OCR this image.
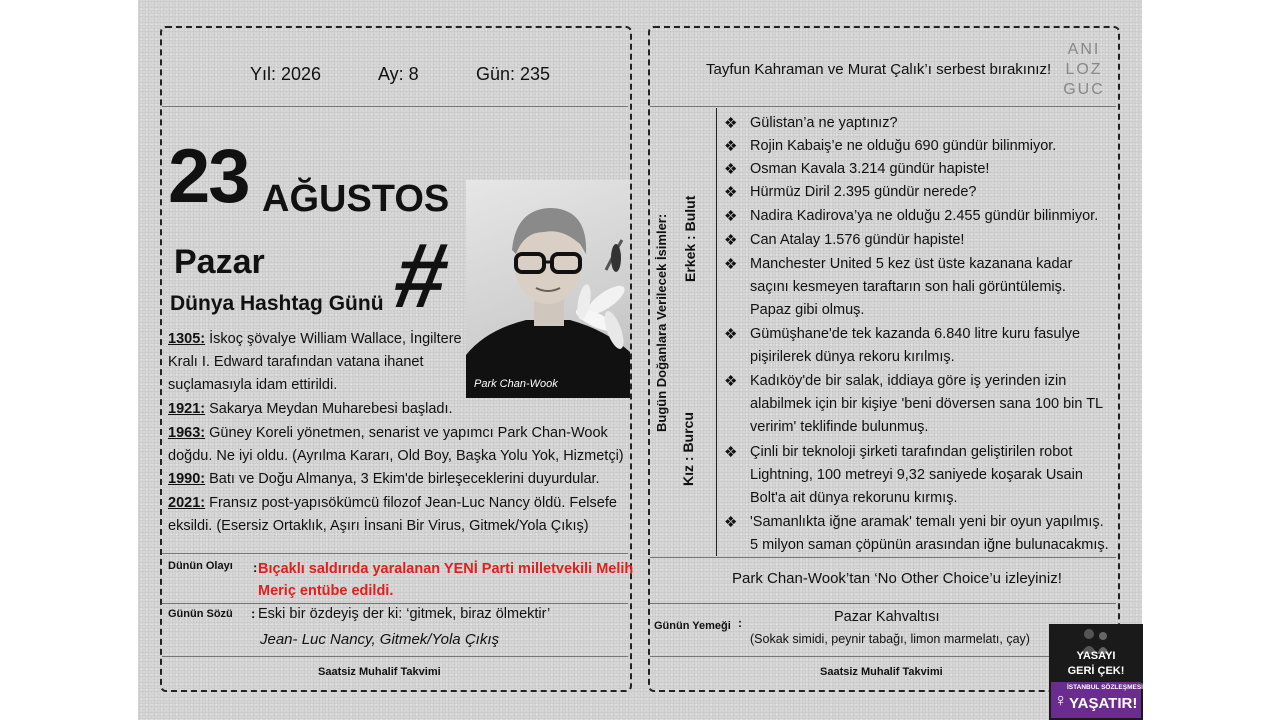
Yıl: 2026	Ay: 8	Gün: 235
23 AĞUSTOS
Pazar #
Dünya Hashtag Günü
Park Chan-Wook
1305: İskoç şövalye William Wallace, İngiltere
Kralı I. Edward tarafından vatana ihanet
suçlamasıyla idam ettirildi.
1921: Sakarya Meydan Muharebesi başladı.
1963: Güney Koreli yönetmen, senarist ve yapımcı Park Chan-Wook
doğdu. Ne iyi oldu. (Ayrılma Kararı, Old Boy, Başka Yolu Yok, Hizmetçi)
1990: Batı ve Doğu Almanya, 3 Ekim'de birleşeceklerini duyurdular.
2021: Fransız post-yapısökümcü filozof Jean-Luc Nancy öldü. Felsefe
eksildi. (Esersiz Ortaklık, Aşırı İnsani Bir Virus, Gitmek/Yola Çıkış)
Dünün Olayı : Bıçaklı saldırıda yaralanan YENİ Parti milletvekili Melih
Meriç entübe edildi.
Günün Sözü : Eski bir özdeyiş der ki: ‘gitmek, biraz ölmektir’
Jean- Luc Nancy, Gitmek/Yola Çıkış
Saatsiz Muhalif Takvimi
Tayfun Kahraman ve Murat Çalık’ı serbest bırakınız!
ANI
LOZ
GUC
Bugün Doğanlara Verilecek İsimler: Erkek : Bulut
Kız : Burcu
❖ Gülistan’a ne yaptınız?
❖ Rojin Kabaiş’e ne olduğu 690 gündür bilinmiyor.
❖ Osman Kavala 3.214 gündür hapiste!
❖ Hürmüz Diril 2.395 gündür nerede?
❖ Nadira Kadirova’ya ne olduğu 2.455 gündür bilinmiyor.
❖ Can Atalay 1.576 gündür hapiste!
❖ Manchester United 5 kez üst üste kazanana kadar
saçını kesmeyen taraftarın son hali görüntülemiş.
Papaz gibi olmuş.
❖ Gümüşhane'de tek kazanda 6.840 litre kuru fasulye
pişirilerek dünya rekoru kırılmış.
❖ Kadıköy'de bir salak, iddiaya göre iş yerinden izin
alabilmek için bir kişiye 'beni döversen sana 100 bin TL
veririm' teklifinde bulunmuş.
❖ Çinli bir teknoloji şirketi tarafından geliştirilen robot
Lightning, 100 metreyi 9,32 saniyede koşarak Usain
Bolt'a ait dünya rekorunu kırmış.
❖ 'Samanlıkta iğne aramak' temalı yeni bir oyun yapılmış.
5 milyon saman çöpünün arasından iğne bulunacakmış.
Park Chan-Wook’tan ‘No Other Choice’u izleyiniz!
Günün Yemeği :	Pazar Kahvaltısı
(Sokak simidi, peynir tabağı, limon marmelatı, çay)
Saatsiz Muhalif Takvimi
YASAYI
GERİ ÇEK!
♀
İSTANBUL SÖZLEŞMESİ
YAŞATIR!
